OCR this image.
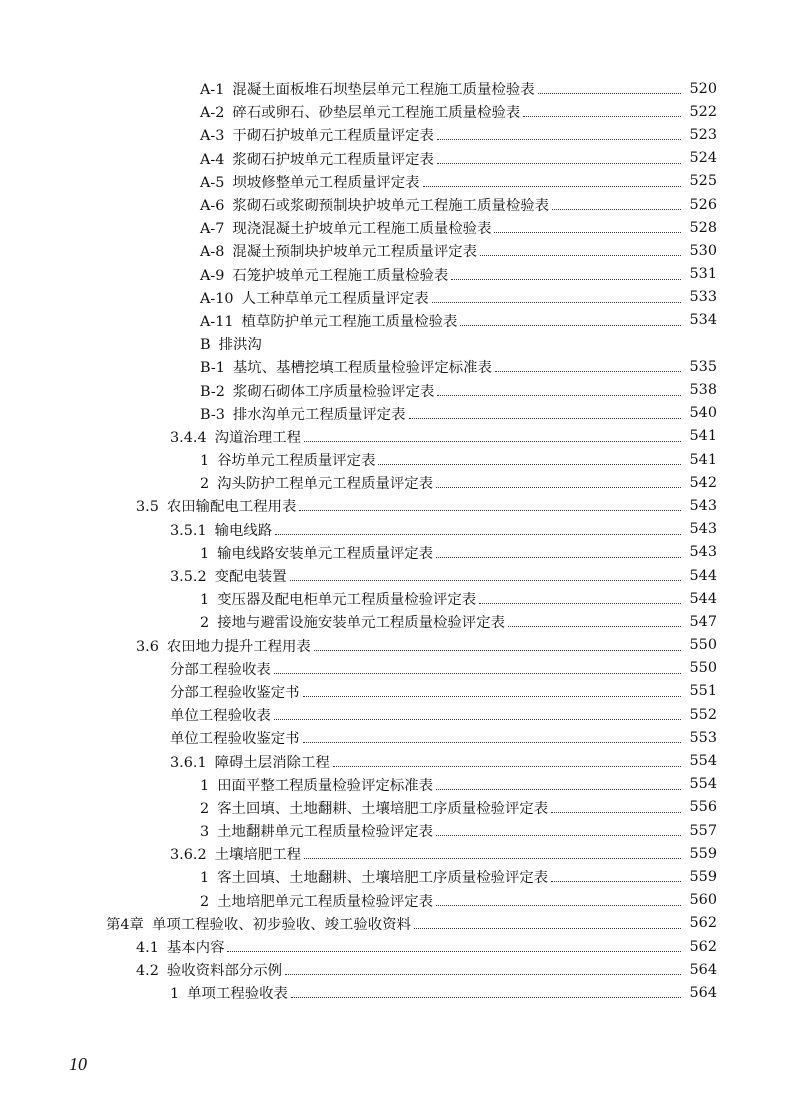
A-1 混凝土面板堆石坝垫层单元工程施工质量检验表	520
A-2 碎石或卵石、砂垫层单元工程施工质量检验表	522
A-3 干砌石护坡单元工程质量评定表	523
A-4 浆砌石护坡单元工程质量评定表	524
A-5 坝坡修整单元工程质量评定表	525
A-6 浆砌石或浆砌预制块护坡单元工程施工质量检验表	526
A-7 现浇混凝土护坡单元工程施工质量检验表	528
A-8 混凝土预制块护坡单元工程质量评定表	530
A-9 石笼护坡单元工程施工质量检验表	531
A-10 人工种草单元工程质量评定表	533
A-11 植草防护单元工程施工质量检验表	534
B 排洪沟
B-1 基坑、基槽挖填工程质量检验评定标准表	535
B-2 浆砌石砌体工序质量检验评定表	538
B-3 排水沟单元工程质量评定表	540
3.4.4 沟道治理工程	541
1 谷坊单元工程质量评定表	541
2 沟头防护工程单元工程质量评定表	542
3.5 农田输配电工程用表	543
3.5.1 输电线路	543
1 输电线路安装单元工程质量评定表	543
3.5.2 变配电装置	544
1 变压器及配电柜单元工程质量检验评定表	544
2 接地与避雷设施安装单元工程质量检验评定表	547
3.6 农田地力提升工程用表	550
分部工程验收表	550
分部工程验收鉴定书	551
单位工程验收表	552
单位工程验收鉴定书	553
3.6.1 障碍土层消除工程	554
1 田面平整工程质量检验评定标准表	554
2 客土回填、土地翻耕、土壤培肥工序质量检验评定表	556
3 土地翻耕单元工程质量检验评定表	557
3.6.2 土壤培肥工程	559
1 客土回填、土地翻耕、土壤培肥工序质量检验评定表	559
2 土地培肥单元工程质量检验评定表	560
第4章 单项工程验收、初步验收、竣工验收资料	562
4.1 基本内容	562
4.2 验收资料部分示例	564
1 单项工程验收表	564
10
